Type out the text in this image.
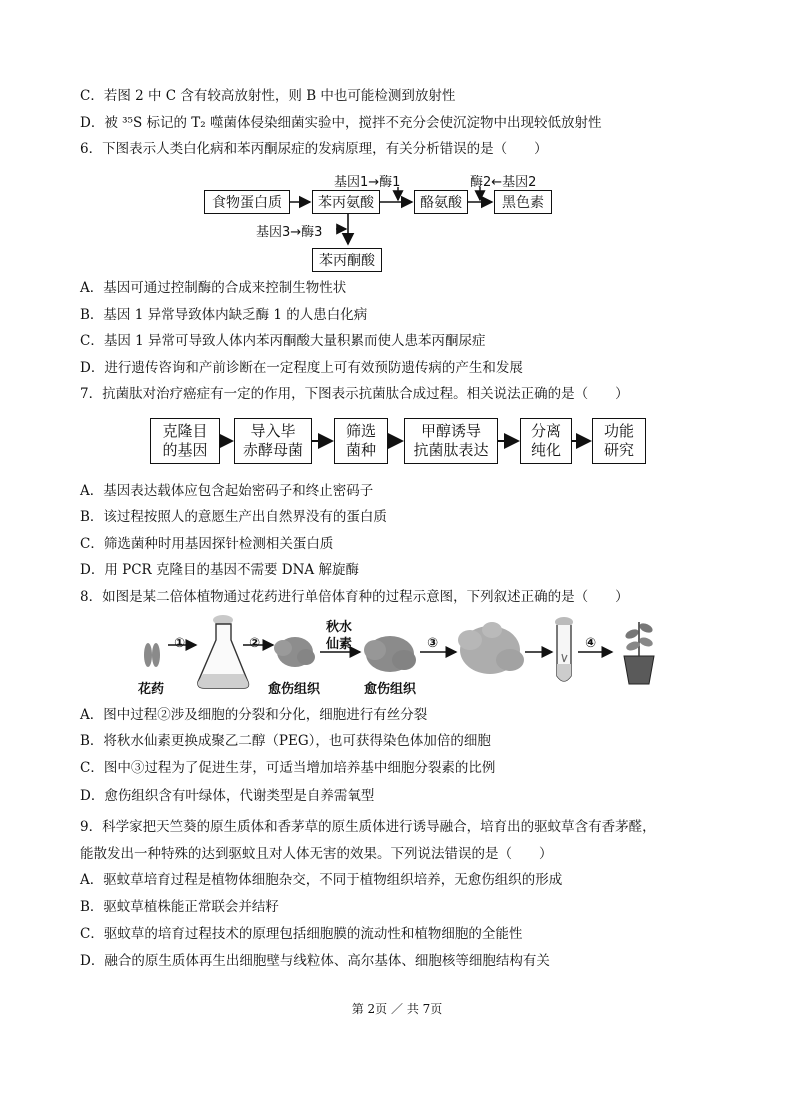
C．若图 2 中 C 含有较高放射性，则 B 中也可能检测到放射性
D．被 ³⁵S 标记的 T₂ 噬菌体侵染细菌实验中，搅拌不充分会使沉淀物中出现较低放射性
6．下图表示人类白化病和苯丙酮尿症的发病原理，有关分析错误的是（　　）
食物蛋白质	苯丙氨酸	酪氨酸	黑色素
苯丙酮酸
基因1→酶1	酶2←基因2
基因3→酶3
A．基因可通过控制酶的合成来控制生物性状
B．基因 1 异常导致体内缺乏酶 1 的人患白化病
C．基因 1 异常可导致人体内苯丙酮酸大量积累而使人患苯丙酮尿症
D．进行遗传咨询和产前诊断在一定程度上可有效预防遗传病的产生和发展
7．抗菌肽对治疗癌症有一定的作用，下图表示抗菌肽合成过程。相关说法正确的是（　　）
克隆目
的基因
导入毕
赤酵母菌
筛选
菌种
甲醇诱导
抗菌肽表达
分离
纯化
功能
研究
A．基因表达载体应包含起始密码子和终止密码子
B．该过程按照人的意愿生产出自然界没有的蛋白质
C．筛选菌种时用基因探针检测相关蛋白质
D．用 PCR 克隆目的基因不需要 DNA 解旋酶
8．如图是某二倍体植物通过花药进行单倍体育种的过程示意图，下列叙述正确的是（　　）
①	②	③	④
秋水
仙素
花药	愈伤组织	愈伤组织
A．图中过程②涉及细胞的分裂和分化，细胞进行有丝分裂
B．将秋水仙素更换成聚乙二醇（PEG），也可获得染色体加倍的细胞
C．图中③过程为了促进生芽，可适当增加培养基中细胞分裂素的比例
D．愈伤组织含有叶绿体，代谢类型是自养需氧型
9．科学家把天竺葵的原生质体和香茅草的原生质体进行诱导融合，培育出的驱蚊草含有香茅醛，
能散发出一种特殊的达到驱蚊且对人体无害的效果。下列说法错误的是（　　）
A．驱蚊草培育过程是植物体细胞杂交，不同于植物组织培养，无愈伤组织的形成
B．驱蚊草植株能正常联会并结籽
C．驱蚊草的培育过程技术的原理包括细胞膜的流动性和植物细胞的全能性
D．融合的原生质体再生出细胞壁与线粒体、高尔基体、细胞核等细胞结构有关
第 2页 ／ 共 7页
